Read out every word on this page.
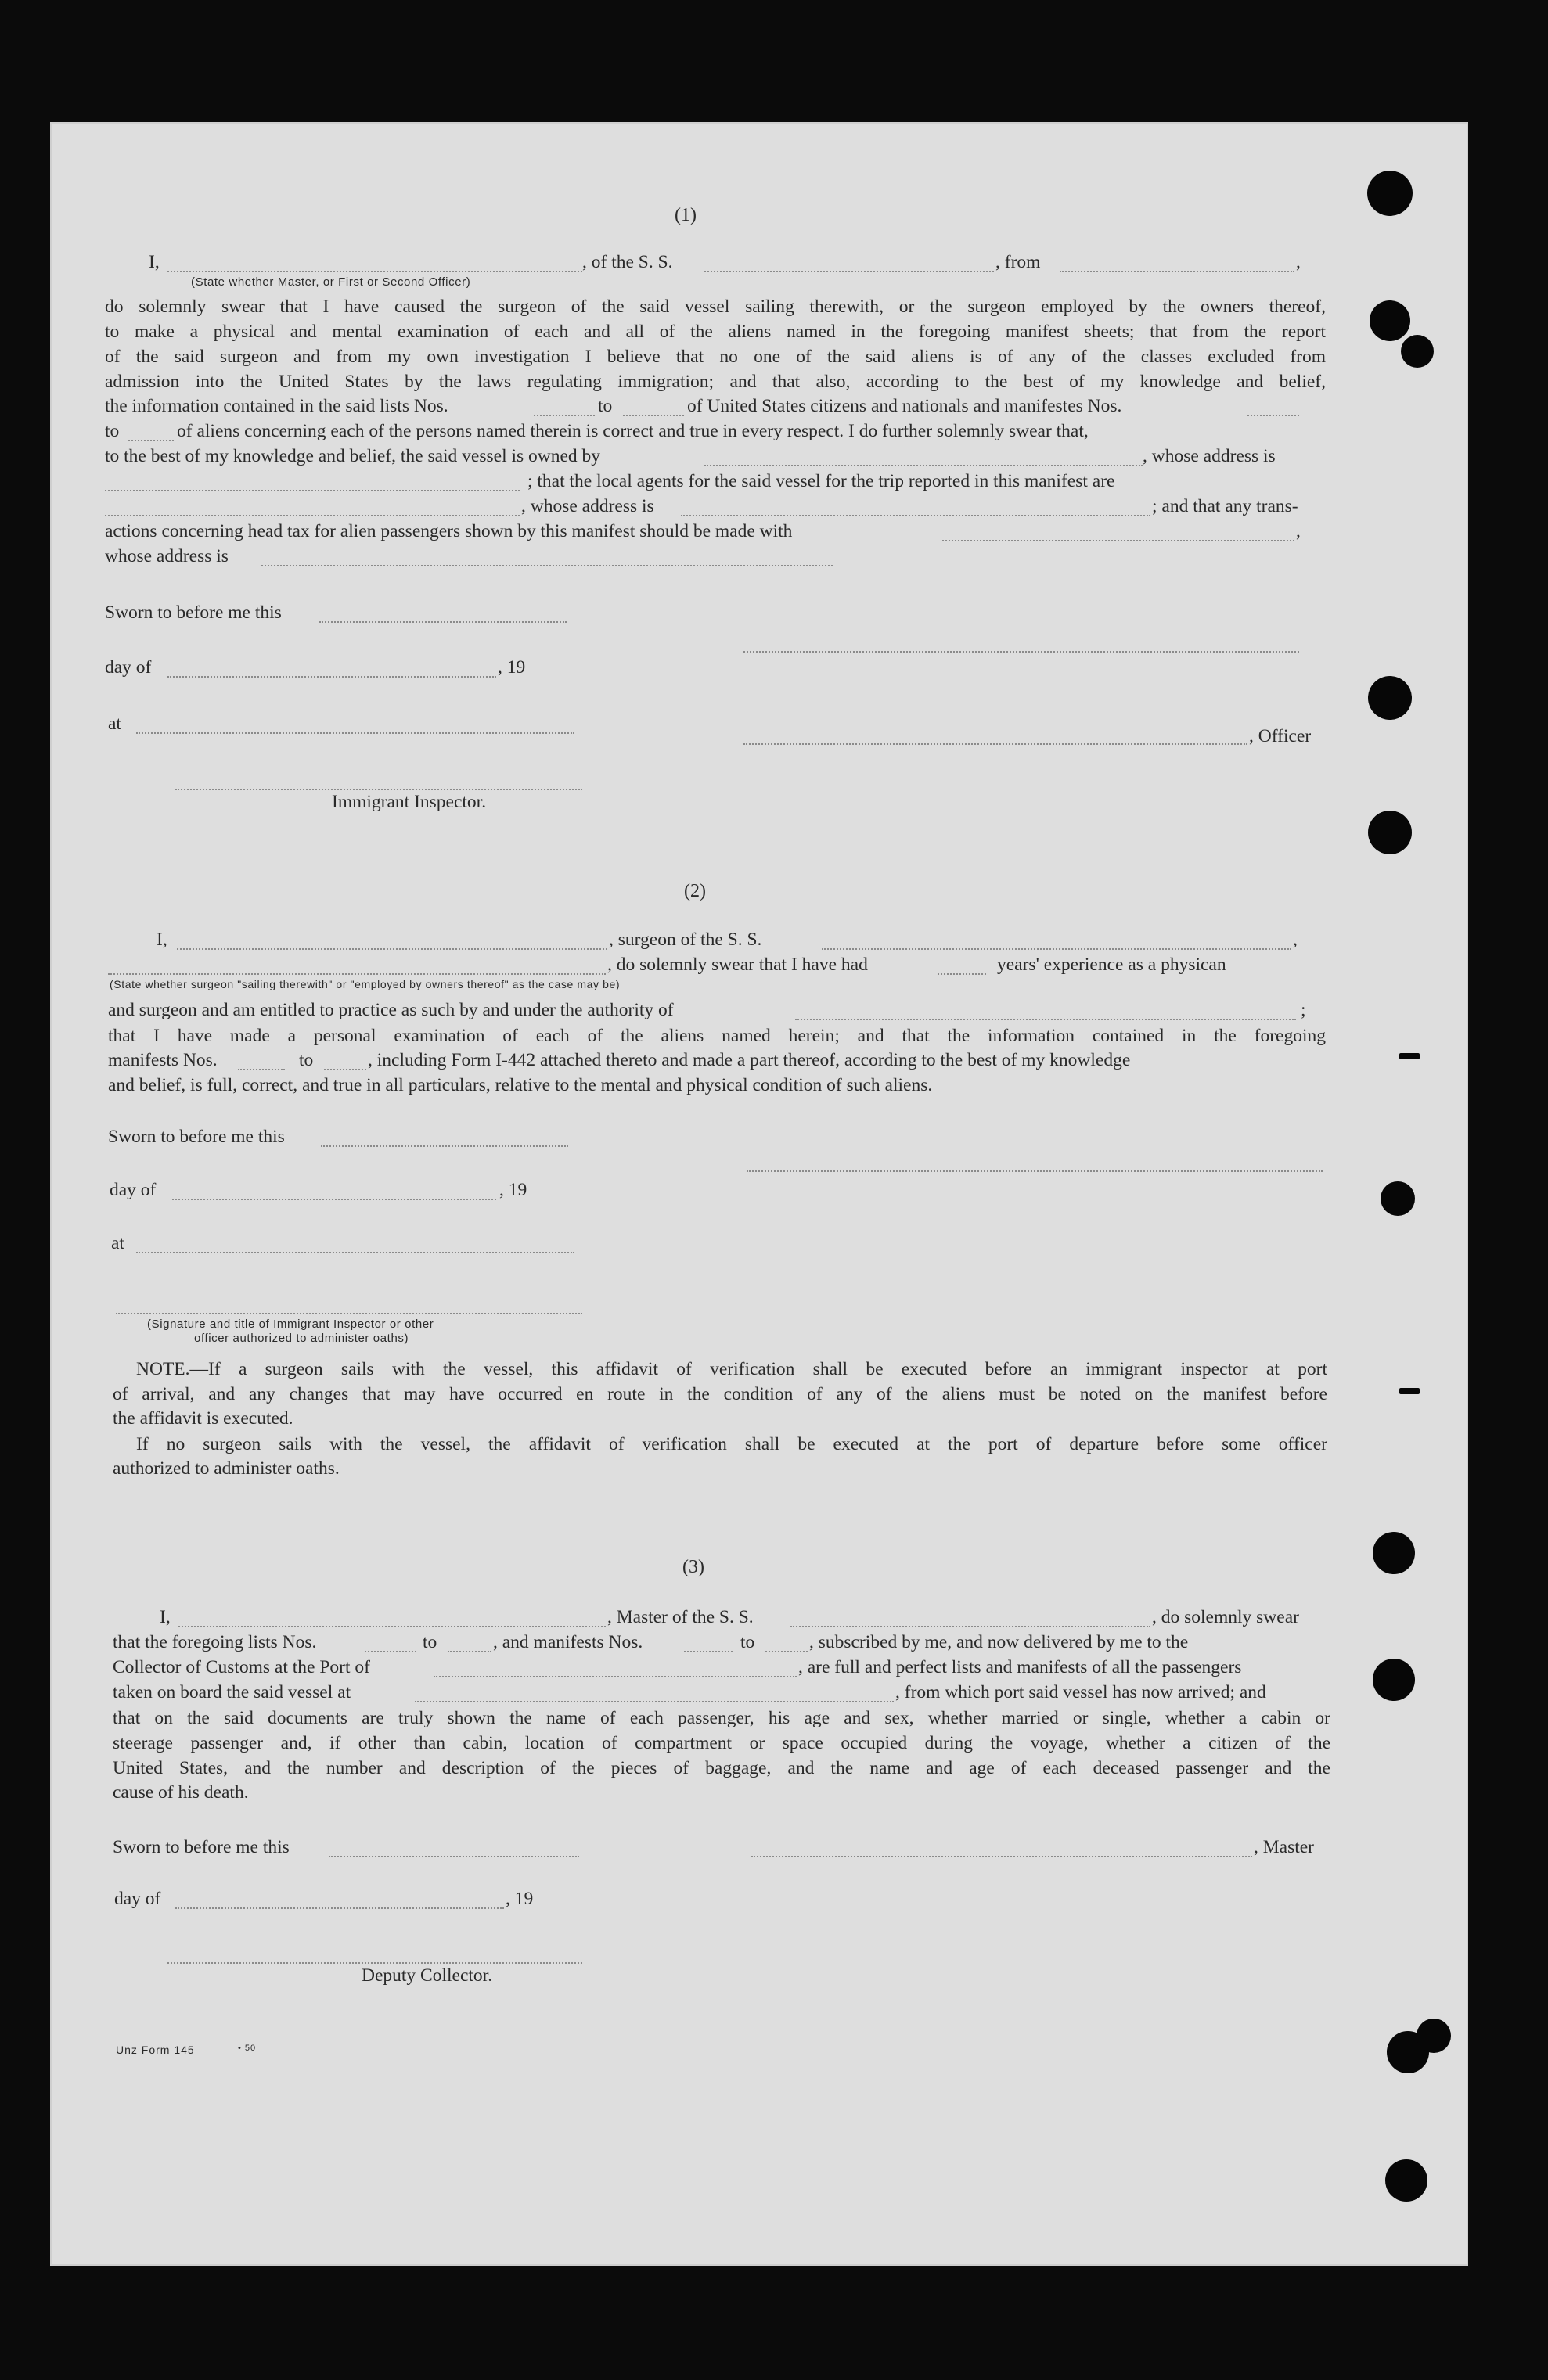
(1)
I,	, of the S. S.	, from	,
(State whether Master, or First or Second Officer)
do solemnly swear that I have caused the surgeon of the said vessel sailing therewith, or the surgeon employed by the owners thereof,
to make a physical and mental examination of each and all of the aliens named in the foregoing manifest sheets; that from the report
of the said surgeon and from my own investigation I believe that no one of the said aliens is of any of the classes excluded from
admission into the United States by the laws regulating immigration; and that also, according to the best of my knowledge and belief,
the information contained in the said lists Nos.	to	of United States citizens and nationals and manifestes Nos.
to	of aliens concerning each of the persons named therein is correct and true in every respect. I do further solemnly swear that,
to the best of my knowledge and belief, the said vessel is owned by	, whose address is
; that the local agents for the said vessel for the trip reported in this manifest are
, whose address is	; and that any trans-
actions concerning head tax for alien passengers shown by this manifest should be made with	,
whose address is
Sworn to before me this
day of	, 19
at
, Officer
Immigrant Inspector.
(2)
I,	, surgeon of the S. S.	,
, do solemnly swear that I have had	years' experience as a physican
(State whether surgeon "sailing therewith" or "employed by owners thereof" as the case may be)
and surgeon and am entitled to practice as such by and under the authority of	;
that I have made a personal examination of each of the aliens named herein; and that the information contained in the foregoing
manifests Nos.	to	, including Form I-442 attached thereto and made a part thereof, according to the best of my knowledge
and belief, is full, correct, and true in all particulars, relative to the mental and physical condition of such aliens.
Sworn to before me this
day of	, 19
at
(Signature and title of Immigrant Inspector or other
officer authorized to administer oaths)
NOTE.—If a surgeon sails with the vessel, this affidavit of verification shall be executed before an immigrant inspector at port
of arrival, and any changes that may have occurred en route in the condition of any of the aliens must be noted on the manifest before
the affidavit is executed.
If no surgeon sails with the vessel, the affidavit of verification shall be executed at the port of departure before some officer
authorized to administer oaths.
(3)
I,	, Master of the S. S.	, do solemnly swear
that the foregoing lists Nos.	to	, and manifests Nos.	to	, subscribed by me, and now delivered by me to the
Collector of Customs at the Port of	, are full and perfect lists and manifests of all the passengers
taken on board the said vessel at	, from which port said vessel has now arrived; and
that on the said documents are truly shown the name of each passenger, his age and sex, whether married or single, whether a cabin or
steerage passenger and, if other than cabin, location of compartment or space occupied during the voyage, whether a citizen of the
United States, and the number and description of the pieces of baggage, and the name and age of each deceased passenger and the
cause of his death.
Sworn to before me this	, Master
day of	, 19
Deputy Collector.
Unz Form 145	• 50
